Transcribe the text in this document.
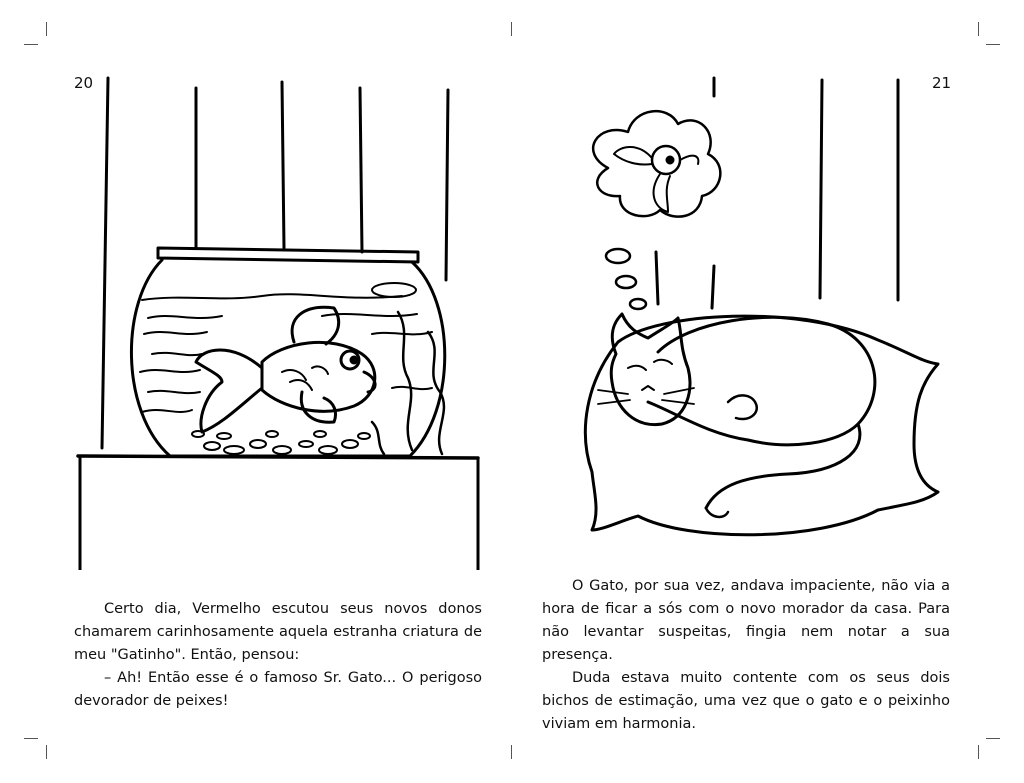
20	21

Certo dia, Vermelho escutou seus novos donos chamarem carinhosamente aquela estranha criatura de meu "Gatinho". Então, pensou:

– Ah! Então esse é o famoso Sr. Gato... O perigoso devorador de peixes!

O Gato, por sua vez, andava impaciente, não via a hora de ficar a sós com o novo morador da casa. Para não levantar suspeitas, fingia nem notar a sua presença.

Duda estava muito contente com os seus dois bichos de estimação, uma vez que o gato e o peixinho viviam em harmonia.
